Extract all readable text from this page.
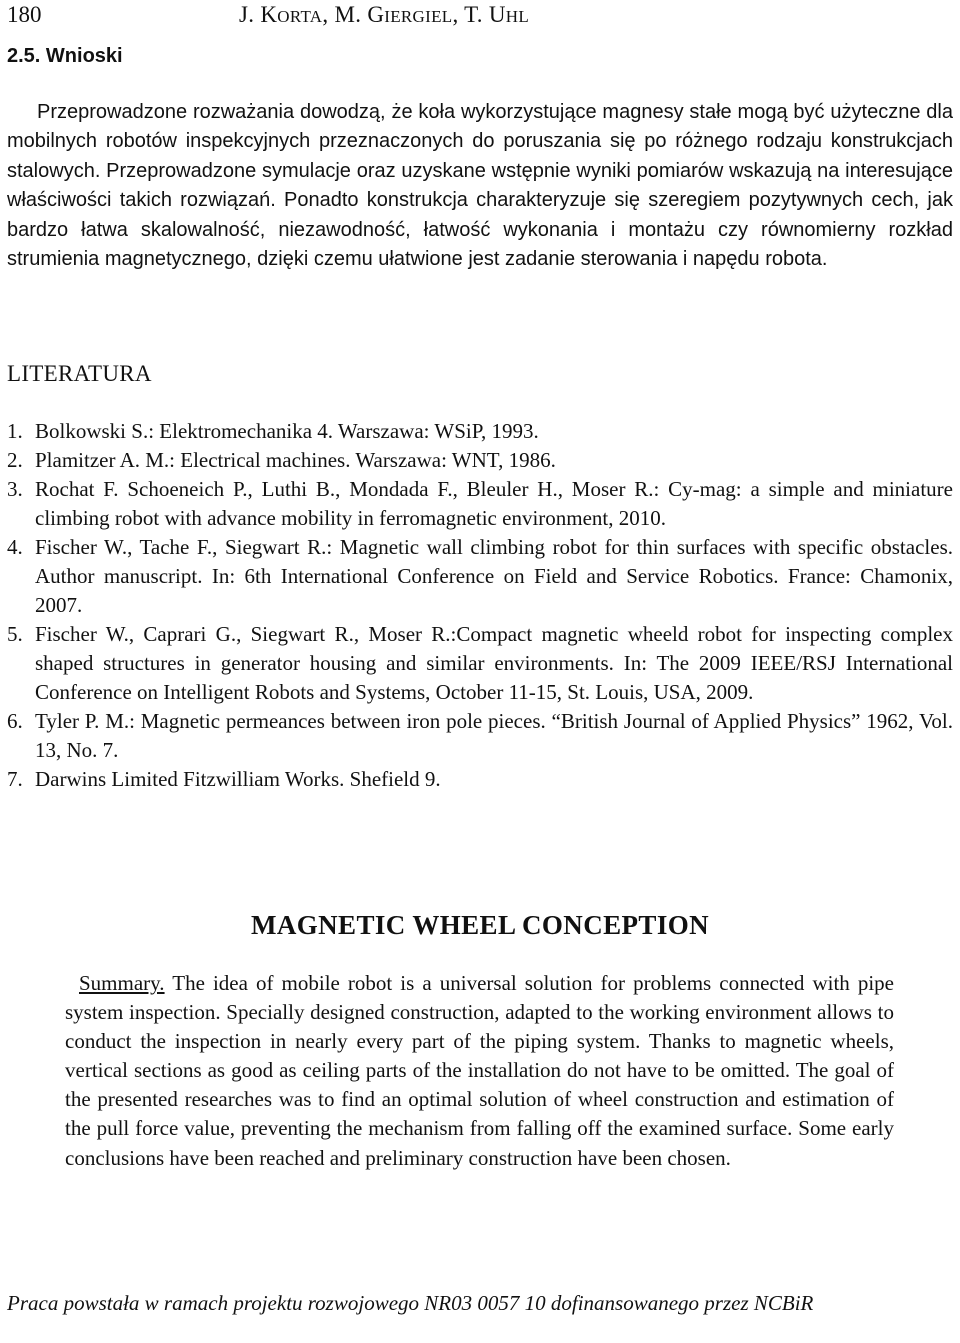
180	J. KORTA, M. GIERGIEL, T. UHL
2.5. Wnioski
Przeprowadzone rozważania dowodzą, że koła wykorzystujące magnesy stałe mogą być użyteczne dla mobilnych robotów inspekcyjnych przeznaczonych do poruszania się po różnego rodzaju konstrukcjach stalowych. Przeprowadzone symulacje oraz uzyskane wstępnie wyniki pomiarów wskazują na interesujące właściwości takich rozwiązań. Ponadto konstrukcja charakteryzuje się szeregiem pozytywnych cech, jak bardzo łatwa skalowalność, niezawodność, łatwość wykonania i montażu czy równomierny rozkład strumienia magnetycznego, dzięki czemu ułatwione jest zadanie sterowania i napędu robota.
LITERATURA
1. Bolkowski S.: Elektromechanika 4. Warszawa: WSiP, 1993.
2. Plamitzer A. M.: Electrical machines. Warszawa: WNT, 1986.
3. Rochat F. Schoeneich P., Luthi B., Mondada F., Bleuler H., Moser R.: Cy-mag: a simple and miniature climbing robot with advance mobility in ferromagnetic environment, 2010.
4. Fischer W., Tache F., Siegwart R.: Magnetic wall climbing robot for thin surfaces with specific obstacles. Author manuscript. In: 6th International Conference on Field and Service Robotics. France: Chamonix, 2007.
5. Fischer W., Caprari G., Siegwart R., Moser R.:Compact magnetic wheeld robot for inspecting complex shaped structures in generator housing and similar environments. In: The 2009 IEEE/RSJ International Conference on Intelligent Robots and Systems, October 11-15, St. Louis, USA, 2009.
6. Tyler P. M.: Magnetic permeances between iron pole pieces. “British Journal of Applied Physics” 1962, Vol. 13, No. 7.
7. Darwins Limited Fitzwilliam Works. Shefield 9.
MAGNETIC WHEEL CONCEPTION
Summary. The idea of mobile robot is a universal solution for problems connected with pipe system inspection. Specially designed construction, adapted to the working environment allows to conduct the inspection in nearly every part of the piping system. Thanks to magnetic wheels, vertical sections as good as ceiling parts of the installation do not have to be omitted. The goal of the presented researches was to find an optimal solution of wheel construction and estimation of the pull force value, preventing the mechanism from falling off the examined surface. Some early conclusions have been reached and preliminary construction have been chosen.
Praca powstała w ramach projektu rozwojowego NR03 0057 10 dofinansowanego przez NCBiR
